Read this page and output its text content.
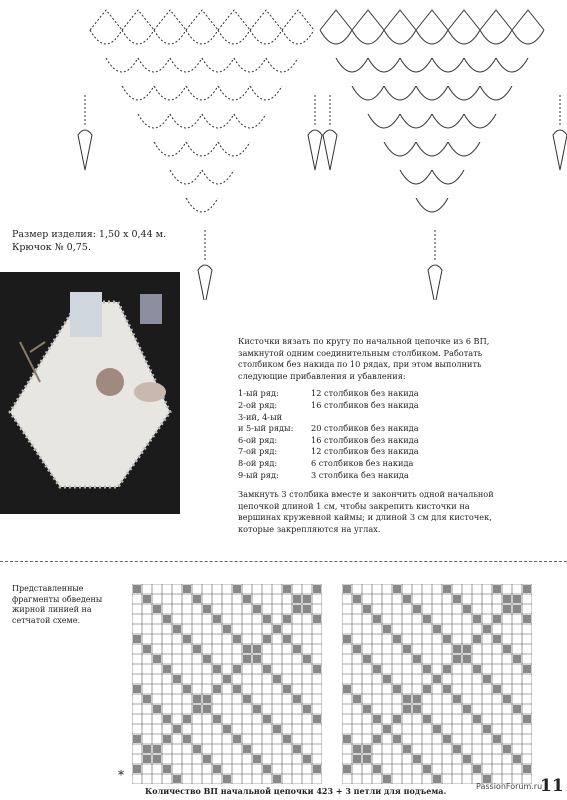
Размер изделия: 1,50 x 0,44 м.
Крючок № 0,75.

Кисточки вязать по кругу по начальной цепочке из 6 ВП, замкнутой одним соединительным столбиком. Работать столбиком без накида по 10 рядах, при этом выполнить следующие прибавления и убавления:

1-ый ряд:	12 столбиков без накида
2-ой ряд:	16 столбиков без накида
3-ий, 4-ый
и 5-ый ряды:	20 столбиков без накида
6-ой ряд:	16 столбиков без накида
7-ой ряд:	12 столбиков без накида
8-ой ряд:	6 столбиков без накида
9-ый ряд:	3 столбика без накида

Замкнуть 3 столбика вместе и закончить одной начальной цепочкой длиной 1 см, чтобы закрепить кисточки на вершинах кружевной каймы; и длиной 3 см для кисточек, которые закрепляются на углах.

Представленные фрагменты обведены жирной линией на сетчатой схеме.
*
Количество ВП начальной цепочки 423 + 3 петли для подъема.	PassionForum.ru
11
